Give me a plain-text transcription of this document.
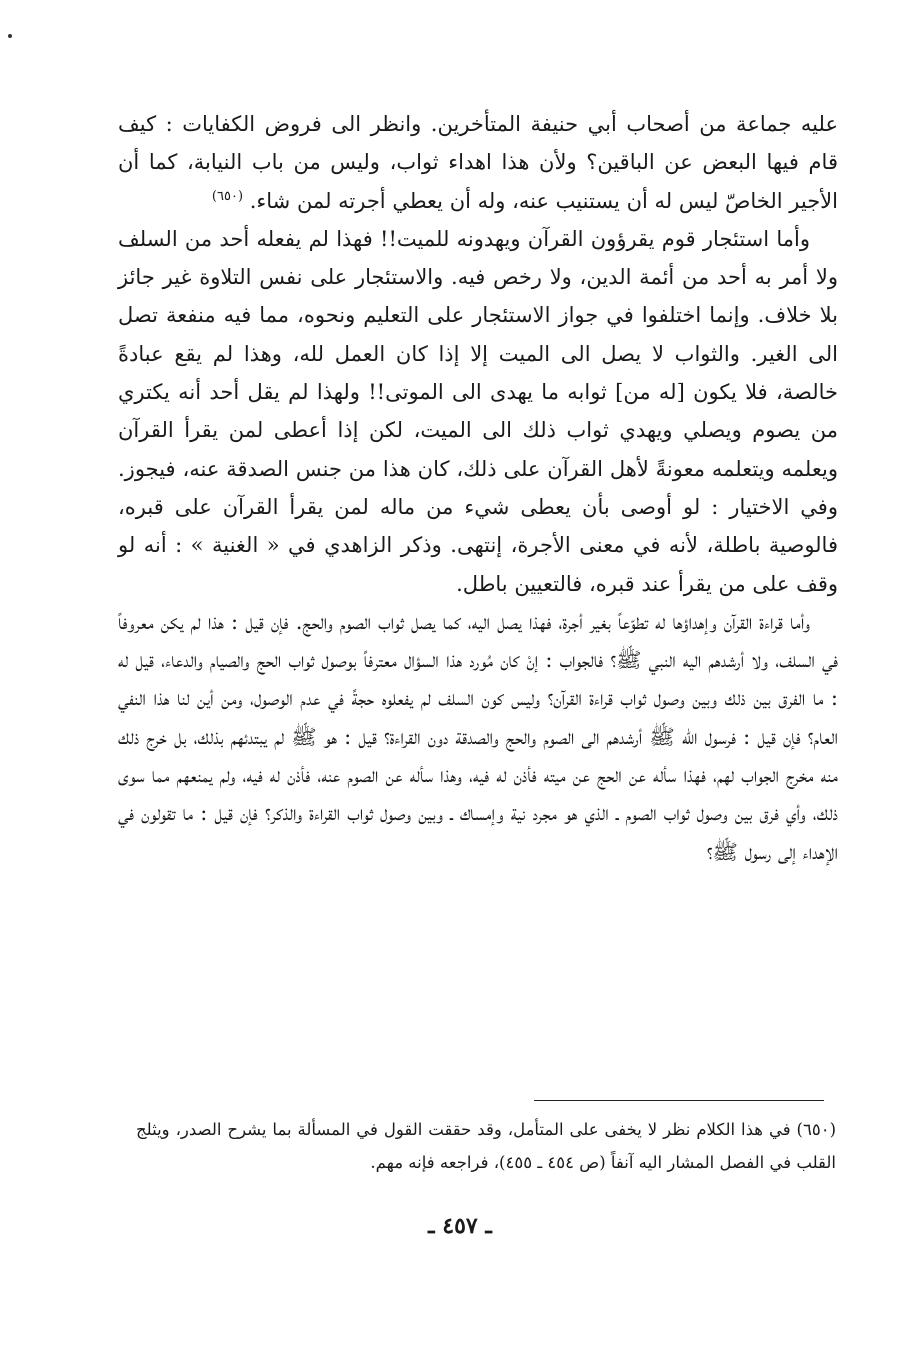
عليه جماعة من أصحاب أبي حنيفة المتأخرين. وانظر الى فروض الكفايات : كيف قام فيها البعض عن الباقين؟ ولأن هذا اهداء ثواب، وليس من باب النيابة، كما أن الأجير الخاصّ ليس له أن يستنيب عنه، وله أن يعطي أجرته لمن شاء. $^{(٦٥٠)}$

وأما استئجار قوم يقرؤون القرآن ويهدونه للميت!! فهذا لم يفعله أحد من السلف ولا أمر به أحد من أئمة الدين، ولا رخص فيه. والاستئجار على نفس التلاوة غير جائز بلا خلاف. وإنما اختلفوا في جواز الاستئجار على التعليم ونحوه، مما فيه منفعة تصل الى الغير. والثواب لا يصل الى الميت إلا إذا كان العمل لله، وهذا لم يقع عبادةً خالصة، فلا يكون [له من] ثوابه ما يهدى الى الموتى!! ولهذا لم يقل أحد أنه يكتري من يصوم ويصلي ويهدي ثواب ذلك الى الميت، لكن إذا أعطى لمن يقرأ القرآن ويعلمه ويتعلمه معونةً لأهل القرآن على ذلك، كان هذا من جنس الصدقة عنه، فيجوز. وفي الاختيار : لو أوصى بأن يعطى شيء من ماله لمن يقرأ القرآن على قبره، فالوصية باطلة، لأنه في معنى الأجرة، إنتهى. وذكر الزاهدي في « الغنية » : أنه لو وقف على من يقرأ عند قبره، فالتعيين باطل.

وأما قراءة القرآن وإهداؤها له تطوّعاً بغير أجرة، فهذا يصل اليه، كما يصل ثواب الصوم والحج. فإن قيل : هذا لم يكن معروفاً في السلف، ولا أرشدهم اليه النبي ﷺ؟ فالجواب : إنْ كان مُورد هذا السؤال معترفاً بوصول ثواب الحج والصيام والدعاء، قيل له : ما الفرق بين ذلك وبين وصول ثواب قراءة القرآن؟ وليس كون السلف لم يفعلوه حجةً في عدم الوصول، ومن أين لنا هذا النفي العام؟ فإن قيل : فرسول الله ﷺ أرشدهم الى الصوم والحج والصدقة دون القراءة؟ قيل : هو ﷺ لم يبتدئهم بذلك، بل خرج ذلك منه مخرج الجواب لهم، فهذا سأله عن الحج عن ميته فأذن له فيه، وهذا سأله عن الصوم عنه، فأذن له فيه، ولم يمنعهم مما سوى ذلك، وأي فرق بين وصول ثواب الصوم ـ الذي هو مجرد نية وإمساك ـ وبين وصول ثواب القراءة والذكر؟ فإن قيل : ما تقولون في الإهداء إلى رسول ﷺ؟

(٦٥٠) في هذا الكلام نظر لا يخفى على المتأمل، وقد حققت القول في المسألة بما يشرح الصدر، ويثلج القلب في الفصل المشار اليه آنفاً (ص ٤٥٤ ـ ٤٥٥)، فراجعه فإنه مهم.

ـ ٤٥٧ ـ
